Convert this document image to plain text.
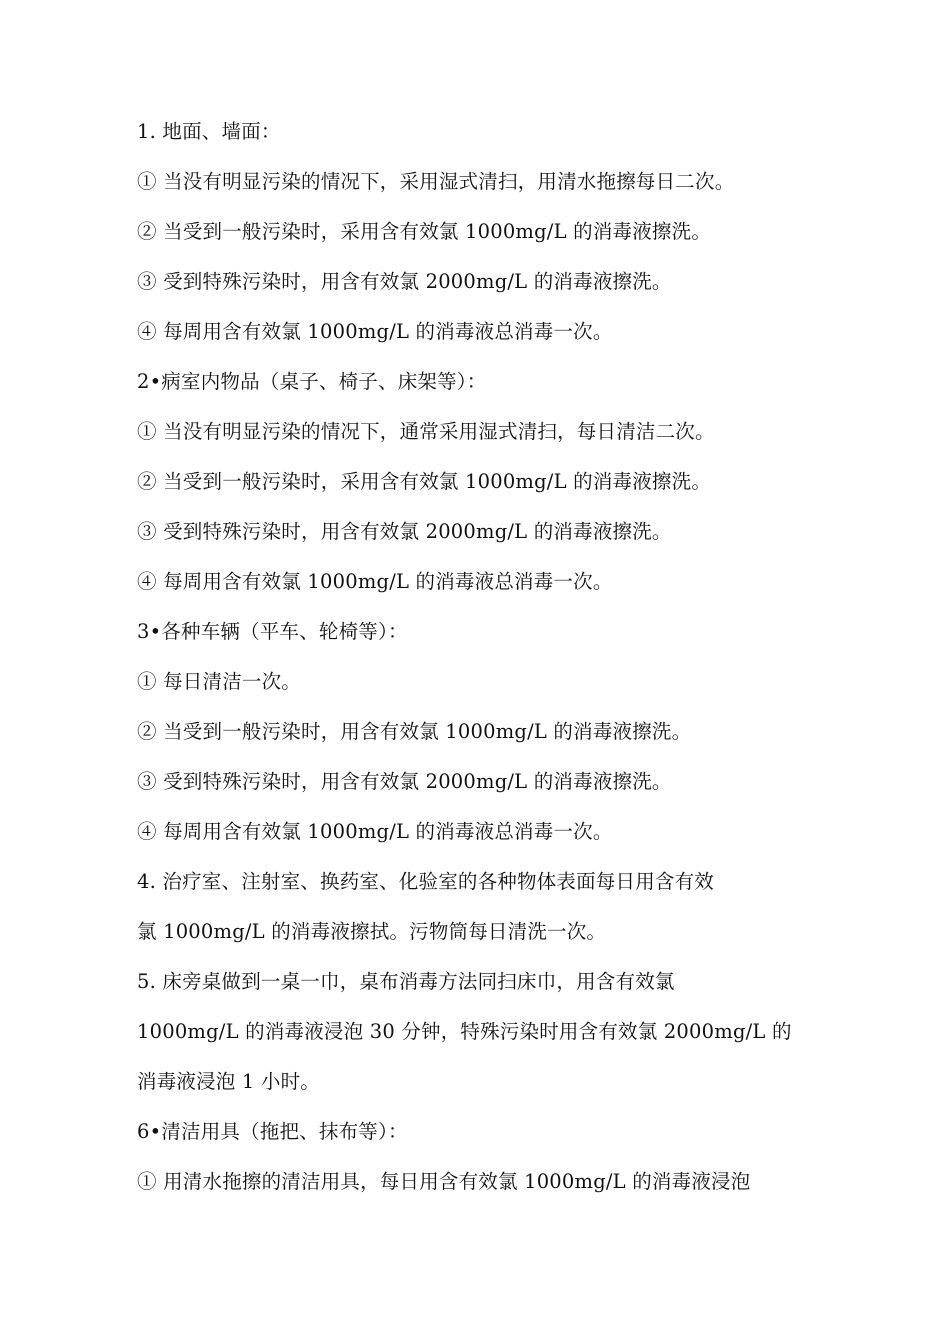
1. 地面、墙面：
① 当没有明显污染的情况下，采用湿式清扫，用清水拖擦每日二次。
② 当受到一般污染时，采用含有效氯 1000mg/L 的消毒液擦洗。
③ 受到特殊污染时，用含有效氯 2000mg/L 的消毒液擦洗。
④ 每周用含有效氯 1000mg/L 的消毒液总消毒一次。
2•病室内物品（桌子、椅子、床架等）：
① 当没有明显污染的情况下，通常采用湿式清扫，每日清洁二次。
② 当受到一般污染时，采用含有效氯 1000mg/L 的消毒液擦洗。
③ 受到特殊污染时，用含有效氯 2000mg/L 的消毒液擦洗。
④ 每周用含有效氯 1000mg/L 的消毒液总消毒一次。
3•各种车辆（平车、轮椅等）：
① 每日清洁一次。
② 当受到一般污染时，用含有效氯 1000mg/L 的消毒液擦洗。
③ 受到特殊污染时，用含有效氯 2000mg/L 的消毒液擦洗。
④ 每周用含有效氯 1000mg/L 的消毒液总消毒一次。
4. 治疗室、注射室、换药室、化验室的各种物体表面每日用含有效
氯 1000mg/L 的消毒液擦拭。污物筒每日清洗一次。
5. 床旁桌做到一桌一巾，桌布消毒方法同扫床巾，用含有效氯
1000mg/L 的消毒液浸泡 30 分钟，特殊污染时用含有效氯 2000mg/L 的
消毒液浸泡 1 小时。
6•清洁用具（拖把、抹布等）：
① 用清水拖擦的清洁用具，每日用含有效氯 1000mg/L 的消毒液浸泡
